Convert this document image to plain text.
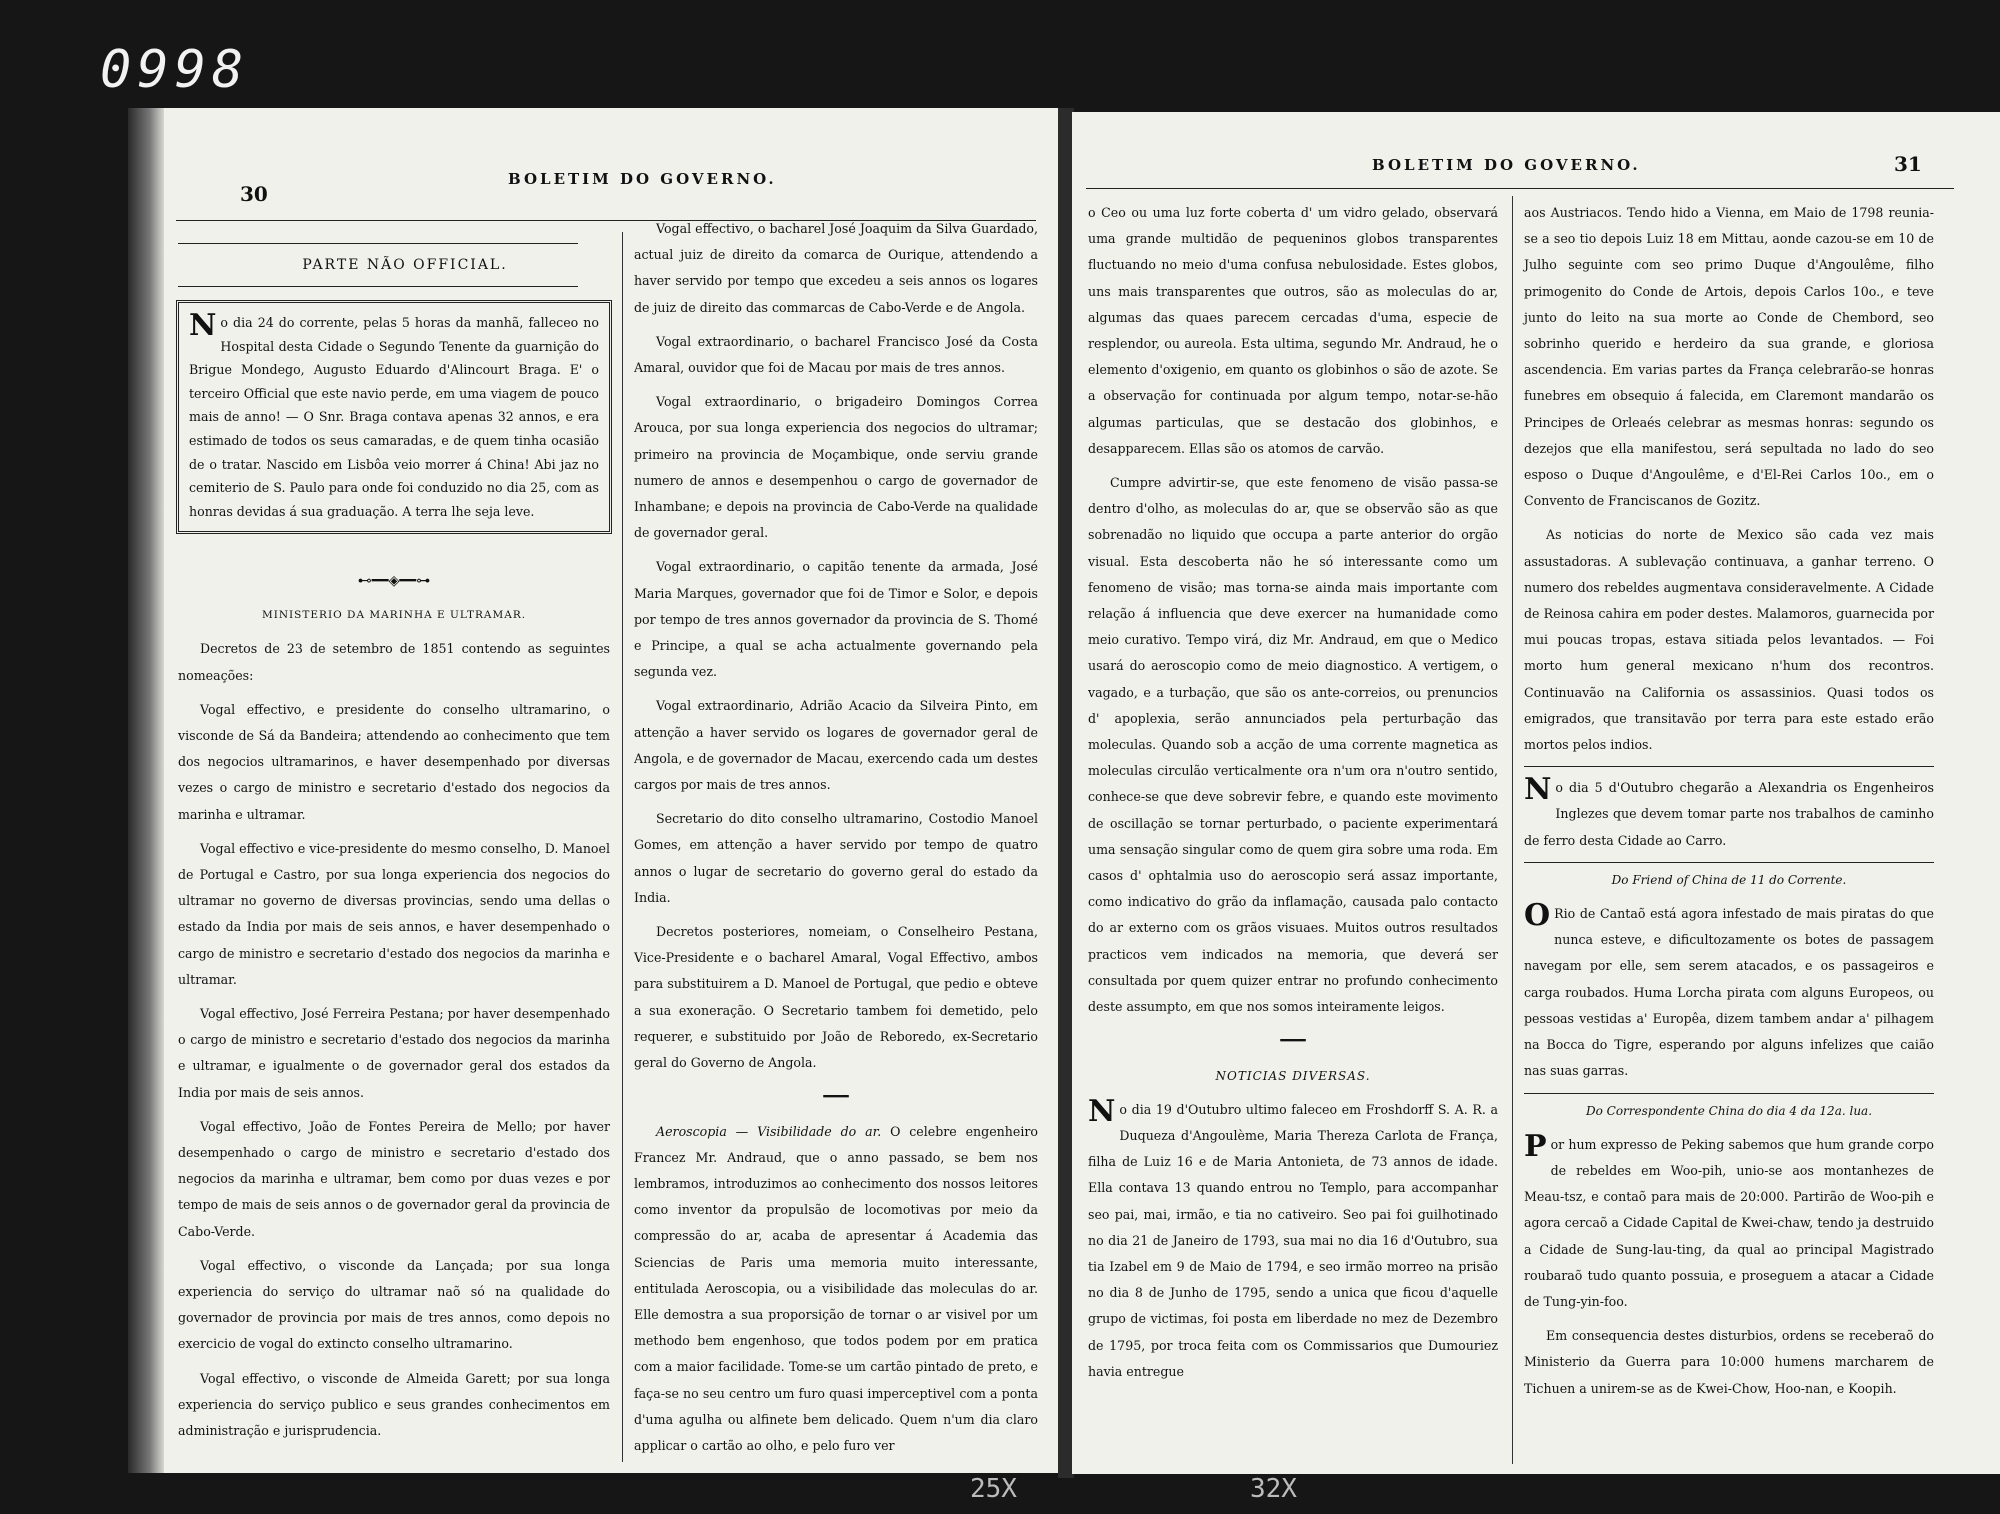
0998
30
BOLETIM DO GOVERNO.

PARTE NÃO OFFICIAL.

No dia 24 do corrente, pelas 5 horas da manhã, falleceo no Hospital desta Cidade o Segundo Tenente da guarnição do Brigue Mondego, Augusto Eduardo d'Alincourt Braga. E' o terceiro Official que este navio perde, em uma viagem de pouco mais de anno! — O Snr. Braga contava apenas 32 annos, e era estimado de todos os seus camaradas, e de quem tinha ocasião de o tratar. Nascido em Lisbôa veio morrer á China! Abi jaz no cemiterio de S. Paulo para onde foi conduzido no dia 25, com as honras devidas á sua graduação. A terra lhe seja leve.

⊷━━◈━━⊶

MINISTERIO DA MARINHA E ULTRAMAR.

Decretos de 23 de setembro de 1851 contendo as seguintes nomeações:

Vogal effectivo, e presidente do conselho ultramarino, o visconde de Sá da Bandeira; attendendo ao conhecimento que tem dos negocios ultramarinos, e haver desempenhado por diversas vezes o cargo de ministro e secretario d'estado dos negocios da marinha e ultramar.

Vogal effectivo e vice-presidente do mesmo conselho, D. Manoel de Portugal e Castro, por sua longa experiencia dos negocios do ultramar no governo de diversas provincias, sendo uma dellas o estado da India por mais de seis annos, e haver desempenhado o cargo de ministro e secretario d'estado dos negocios da marinha e ultramar.

Vogal effectivo, José Ferreira Pestana; por haver desempenhado o cargo de ministro e secretario d'estado dos negocios da marinha e ultramar, e igualmente o de governador geral dos estados da India por mais de seis annos.

Vogal effectivo, João de Fontes Pereira de Mello; por haver desempenhado o cargo de ministro e secretario d'estado dos negocios da marinha e ultramar, bem como por duas vezes e por tempo de mais de seis annos o de governador geral da provincia de Cabo-Verde.

Vogal effectivo, o visconde da Lançada; por sua longa experiencia do serviço do ultramar naõ só na qualidade do governador de provincia por mais de tres annos, como depois no exercicio de vogal do extincto conselho ultramarino.

Vogal effectivo, o visconde de Almeida Garett; por sua longa experiencia do serviço publico e seus grandes conhecimentos em administração e jurisprudencia.

Vogal effectivo, o bacharel José Joaquim da Silva Guardado, actual juiz de direito da comarca de Ourique, attendendo a haver servido por tempo que excedeu a seis annos os logares de juiz de direito das commarcas de Cabo-Verde e de Angola.

Vogal extraordinario, o bacharel Francisco José da Costa Amaral, ouvidor que foi de Macau por mais de tres annos.

Vogal extraordinario, o brigadeiro Domingos Correa Arouca, por sua longa experiencia dos negocios do ultramar; primeiro na provincia de Moçambique, onde serviu grande numero de annos e desempenhou o cargo de governador de Inhambane; e depois na provincia de Cabo-Verde na qualidade de governador geral.

Vogal extraordinario, o capitão tenente da armada, José Maria Marques, governador que foi de Timor e Solor, e depois por tempo de tres annos governador da provincia de S. Thomé e Principe, a qual se acha actualmente governando pela segunda vez.

Vogal extraordinario, Adrião Acacio da Silveira Pinto, em attenção a haver servido os logares de governador geral de Angola, e de governador de Macau, exercendo cada um destes cargos por mais de tres annos.

Secretario do dito conselho ultramarino, Costodio Manoel Gomes, em attenção a haver servido por tempo de quatro annos o lugar de secretario do governo geral do estado da India.

Decretos posteriores, nomeiam, o Conselheiro Pestana, Vice-Presidente e o bacharel Amaral, Vogal Effectivo, ambos para substituirem a D. Manoel de Portugal, que pedio e obteve a sua exoneração. O Secretario tambem foi demetido, pelo requerer, e substituido por João de Reboredo, ex-Secretario geral do Governo de Angola.

━━━

Aeroscopia — Visibilidade do ar. O celebre engenheiro Francez Mr. Andraud, que o anno passado, se bem nos lembramos, introduzimos ao conhecimento dos nossos leitores como inventor da propulsão de locomotivas por meio da compressão do ar, acaba de apresentar á Academia das Sciencias de Paris uma memoria muito interessante, entitulada Aeroscopia, ou a visibilidade das moleculas do ar. Elle demostra a sua proporsição de tornar o ar visivel por um methodo bem engenhoso, que todos podem por em pratica com a maior facilidade. Tome-se um cartão pintado de preto, e faça-se no seu centro um furo quasi imperceptivel com a ponta d'uma agulha ou alfinete bem delicado. Quem n'um dia claro applicar o cartão ao olho, e pelo furo ver

BOLETIM DO GOVERNO.	31

o Ceo ou uma luz forte coberta d' um vidro gelado, observará uma grande multidão de pequeninos globos transparentes fluctuando no meio d'uma confusa nebulosidade. Estes globos, uns mais transparentes que outros, são as moleculas do ar, algumas das quaes parecem cercadas d'uma, especie de resplendor, ou aureola. Esta ultima, segundo Mr. Andraud, he o elemento d'oxigenio, em quanto os globinhos o são de azote. Se a observação for continuada por algum tempo, notar-se-hão algumas particulas, que se destacão dos globinhos, e desapparecem. Ellas são os atomos de carvão.

Cumpre advirtir-se, que este fenomeno de visão passa-se dentro d'olho, as moleculas do ar, que se observão são as que sobrenadão no liquido que occupa a parte anterior do orgão visual. Esta descoberta não he só interessante como um fenomeno de visão; mas torna-se ainda mais importante com relação á influencia que deve exercer na humanidade como meio curativo. Tempo virá, diz Mr. Andraud, em que o Medico usará do aeroscopio como de meio diagnostico. A vertigem, o vagado, e a turbação, que são os ante-correios, ou prenuncios d' apoplexia, serão annunciados pela perturbação das moleculas. Quando sob a acção de uma corrente magnetica as moleculas circulão verticalmente ora n'um ora n'outro sentido, conhece-se que deve sobrevir febre, e quando este movimento de oscillação se tornar perturbado, o paciente experimentará uma sensação singular como de quem gira sobre uma roda. Em casos d' ophtalmia uso do aeroscopio será assaz importante, como indicativo do grão da inflamação, causada palo contacto do ar externo com os grãos visuaes. Muitos outros resultados practicos vem indicados na memoria, que deverá ser consultada por quem quizer entrar no profundo conhecimento deste assumpto, em que nos somos inteiramente leigos.

━━━

NOTICIAS DIVERSAS.

No dia 19 d'Outubro ultimo faleceo em Froshdorff S. A. R. a Duqueza d'Angoulème, Maria Thereza Carlota de França, filha de Luiz 16 e de Maria Antonieta, de 73 annos de idade. Ella contava 13 quando entrou no Templo, para accompanhar seo pai, mai, irmão, e tia no cativeiro. Seo pai foi guilhotinado no dia 21 de Janeiro de 1793, sua mai no dia 16 d'Outubro, sua tia Izabel em 9 de Maio de 1794, e seo irmão morreo na prisão no dia 8 de Junho de 1795, sendo a unica que ficou d'aquelle grupo de victimas, foi posta em liberdade no mez de Dezembro de 1795, por troca feita com os Commissarios que Dumouriez havia entregue

aos Austriacos. Tendo hido a Vienna, em Maio de 1798 reunia-se a seo tio depois Luiz 18 em Mittau, aonde cazou-se em 10 de Julho seguinte com seo primo Duque d'Angoulême, filho primogenito do Conde de Artois, depois Carlos 10o., e teve junto do leito na sua morte ao Conde de Chembord, seo sobrinho querido e herdeiro da sua grande, e gloriosa ascendencia. Em varias partes da França celebrarão-se honras funebres em obsequio á falecida, em Claremont mandarão os Principes de Orleaés celebrar as mesmas honras: segundo os dezejos que ella manifestou, será sepultada no lado do seo esposo o Duque d'Angoulême, e d'El-Rei Carlos 10o., em o Convento de Franciscanos de Gozitz.

As noticias do norte de Mexico são cada vez mais assustadoras. A sublevação continuava, a ganhar terreno. O numero dos rebeldes augmentava consideravelmente. A Cidade de Reinosa cahira em poder destes. Malamoros, guarnecida por mui poucas tropas, estava sitiada pelos levantados. — Foi morto hum general mexicano n'hum dos recontros. Continuavão na California os assassinios. Quasi todos os emigrados, que transitavão por terra para este estado erão mortos pelos indios.

No dia 5 d'Outubro chegarão a Alexandria os Engenheiros Inglezes que devem tomar parte nos trabalhos de caminho de ferro desta Cidade ao Carro.

Do Friend of China de 11 do Corrente.

O Rio de Cantaõ está agora infestado de mais piratas do que nunca esteve, e dificultozamente os botes de passagem navegam por elle, sem serem atacados, e os passageiros e carga roubados. Huma Lorcha pirata com alguns Europeos, ou pessoas vestidas a' Europêa, dizem tambem andar a' pilhagem na Bocca do Tigre, esperando por alguns infelizes que caião nas suas garras.

Do Correspondente China do dia 4 da 12a. lua.

Por hum expresso de Peking sabemos que hum grande corpo de rebeldes em Woo-pih, unio-se aos montanhezes de Meau-tsz, e contaõ para mais de 20:000. Partirão de Woo-pih e agora cercaõ a Cidade Capital de Kwei-chaw, tendo ja destruido a Cidade de Sung-lau-ting, da qual ao principal Magistrado roubaraõ tudo quanto possuia, e proseguem a atacar a Cidade de Tung-yin-foo.

Em consequencia destes disturbios, ordens se receberaõ do Ministerio da Guerra para 10:000 humens marcharem de Tichuen a unirem-se as de Kwei-Chow, Hoo-nan, e Koopih.

25X	32X
